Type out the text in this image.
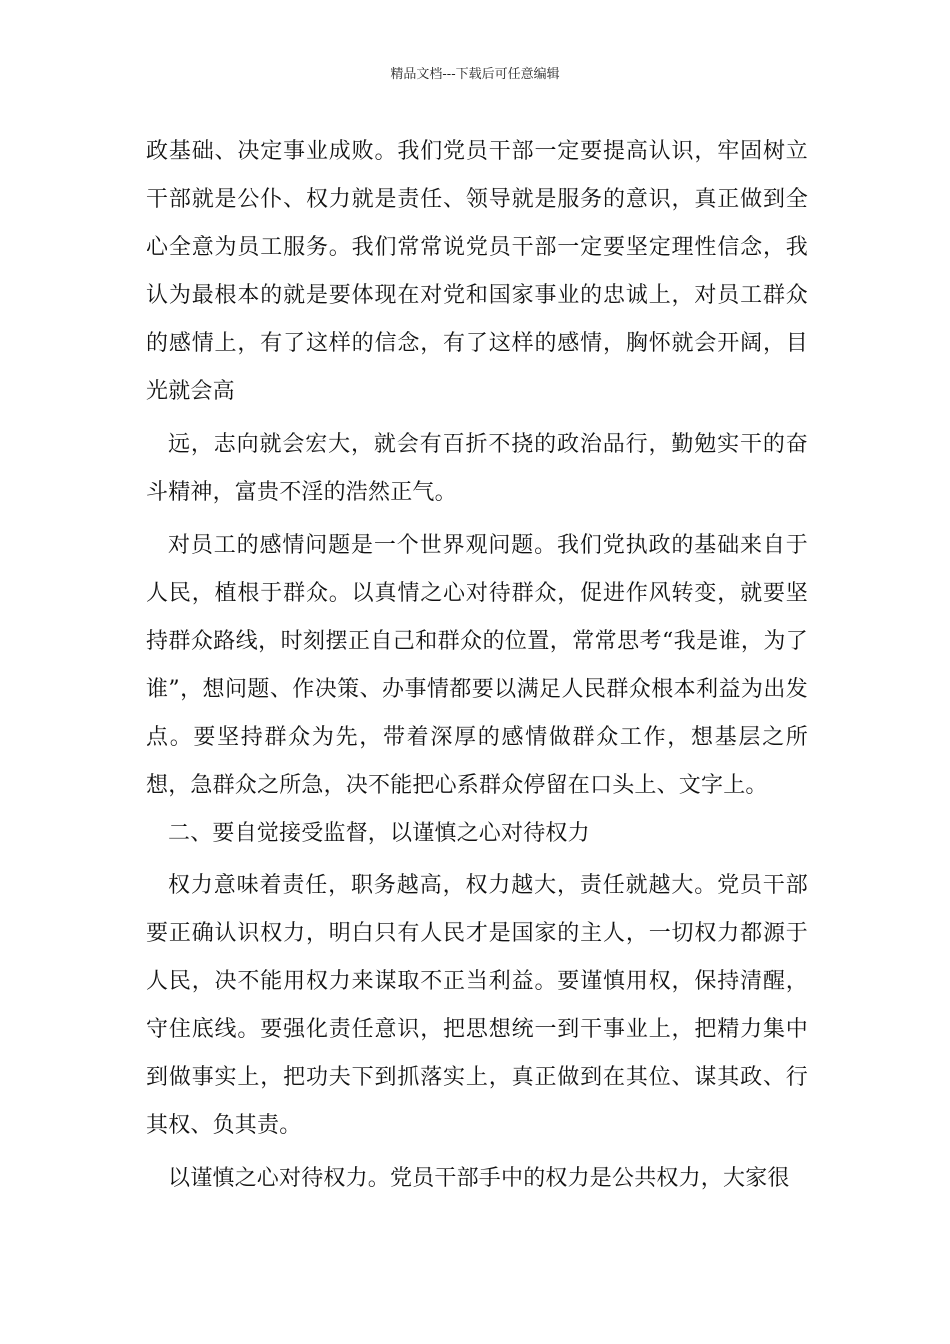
精品文档---下载后可任意编辑

政基础、决定事业成败。我们党员干部一定要提高认识，牢固树立干部就是公仆、权力就是责任、领导就是服务的意识，真正做到全心全意为员工服务。我们常常说党员干部一定要坚定理性信念，我认为最根本的就是要体现在对党和国家事业的忠诚上，对员工群众的感情上，有了这样的信念，有了这样的感情，胸怀就会开阔，目光就会高

远，志向就会宏大，就会有百折不挠的政治品行，勤勉实干的奋斗精神，富贵不淫的浩然正气。

对员工的感情问题是一个世界观问题。我们党执政的基础来自于人民，植根于群众。以真情之心对待群众，促进作风转变，就要坚持群众路线，时刻摆正自己和群众的位置，常常思考“我是谁，为了谁”，想问题、作决策、办事情都要以满足人民群众根本利益为出发点。要坚持群众为先，带着深厚的感情做群众工作，想基层之所想，急群众之所急，决不能把心系群众停留在口头上、文字上。

二、要自觉接受监督，以谨慎之心对待权力

权力意味着责任，职务越高，权力越大，责任就越大。党员干部要正确认识权力，明白只有人民才是国家的主人，一切权力都源于人民，决不能用权力来谋取不正当利益。要谨慎用权，保持清醒，守住底线。要强化责任意识，把思想统一到干事业上，把精力集中到做事实上，把功夫下到抓落实上，真正做到在其位、谋其政、行其权、负其责。

以谨慎之心对待权力。党员干部手中的权力是公共权力，大家很
